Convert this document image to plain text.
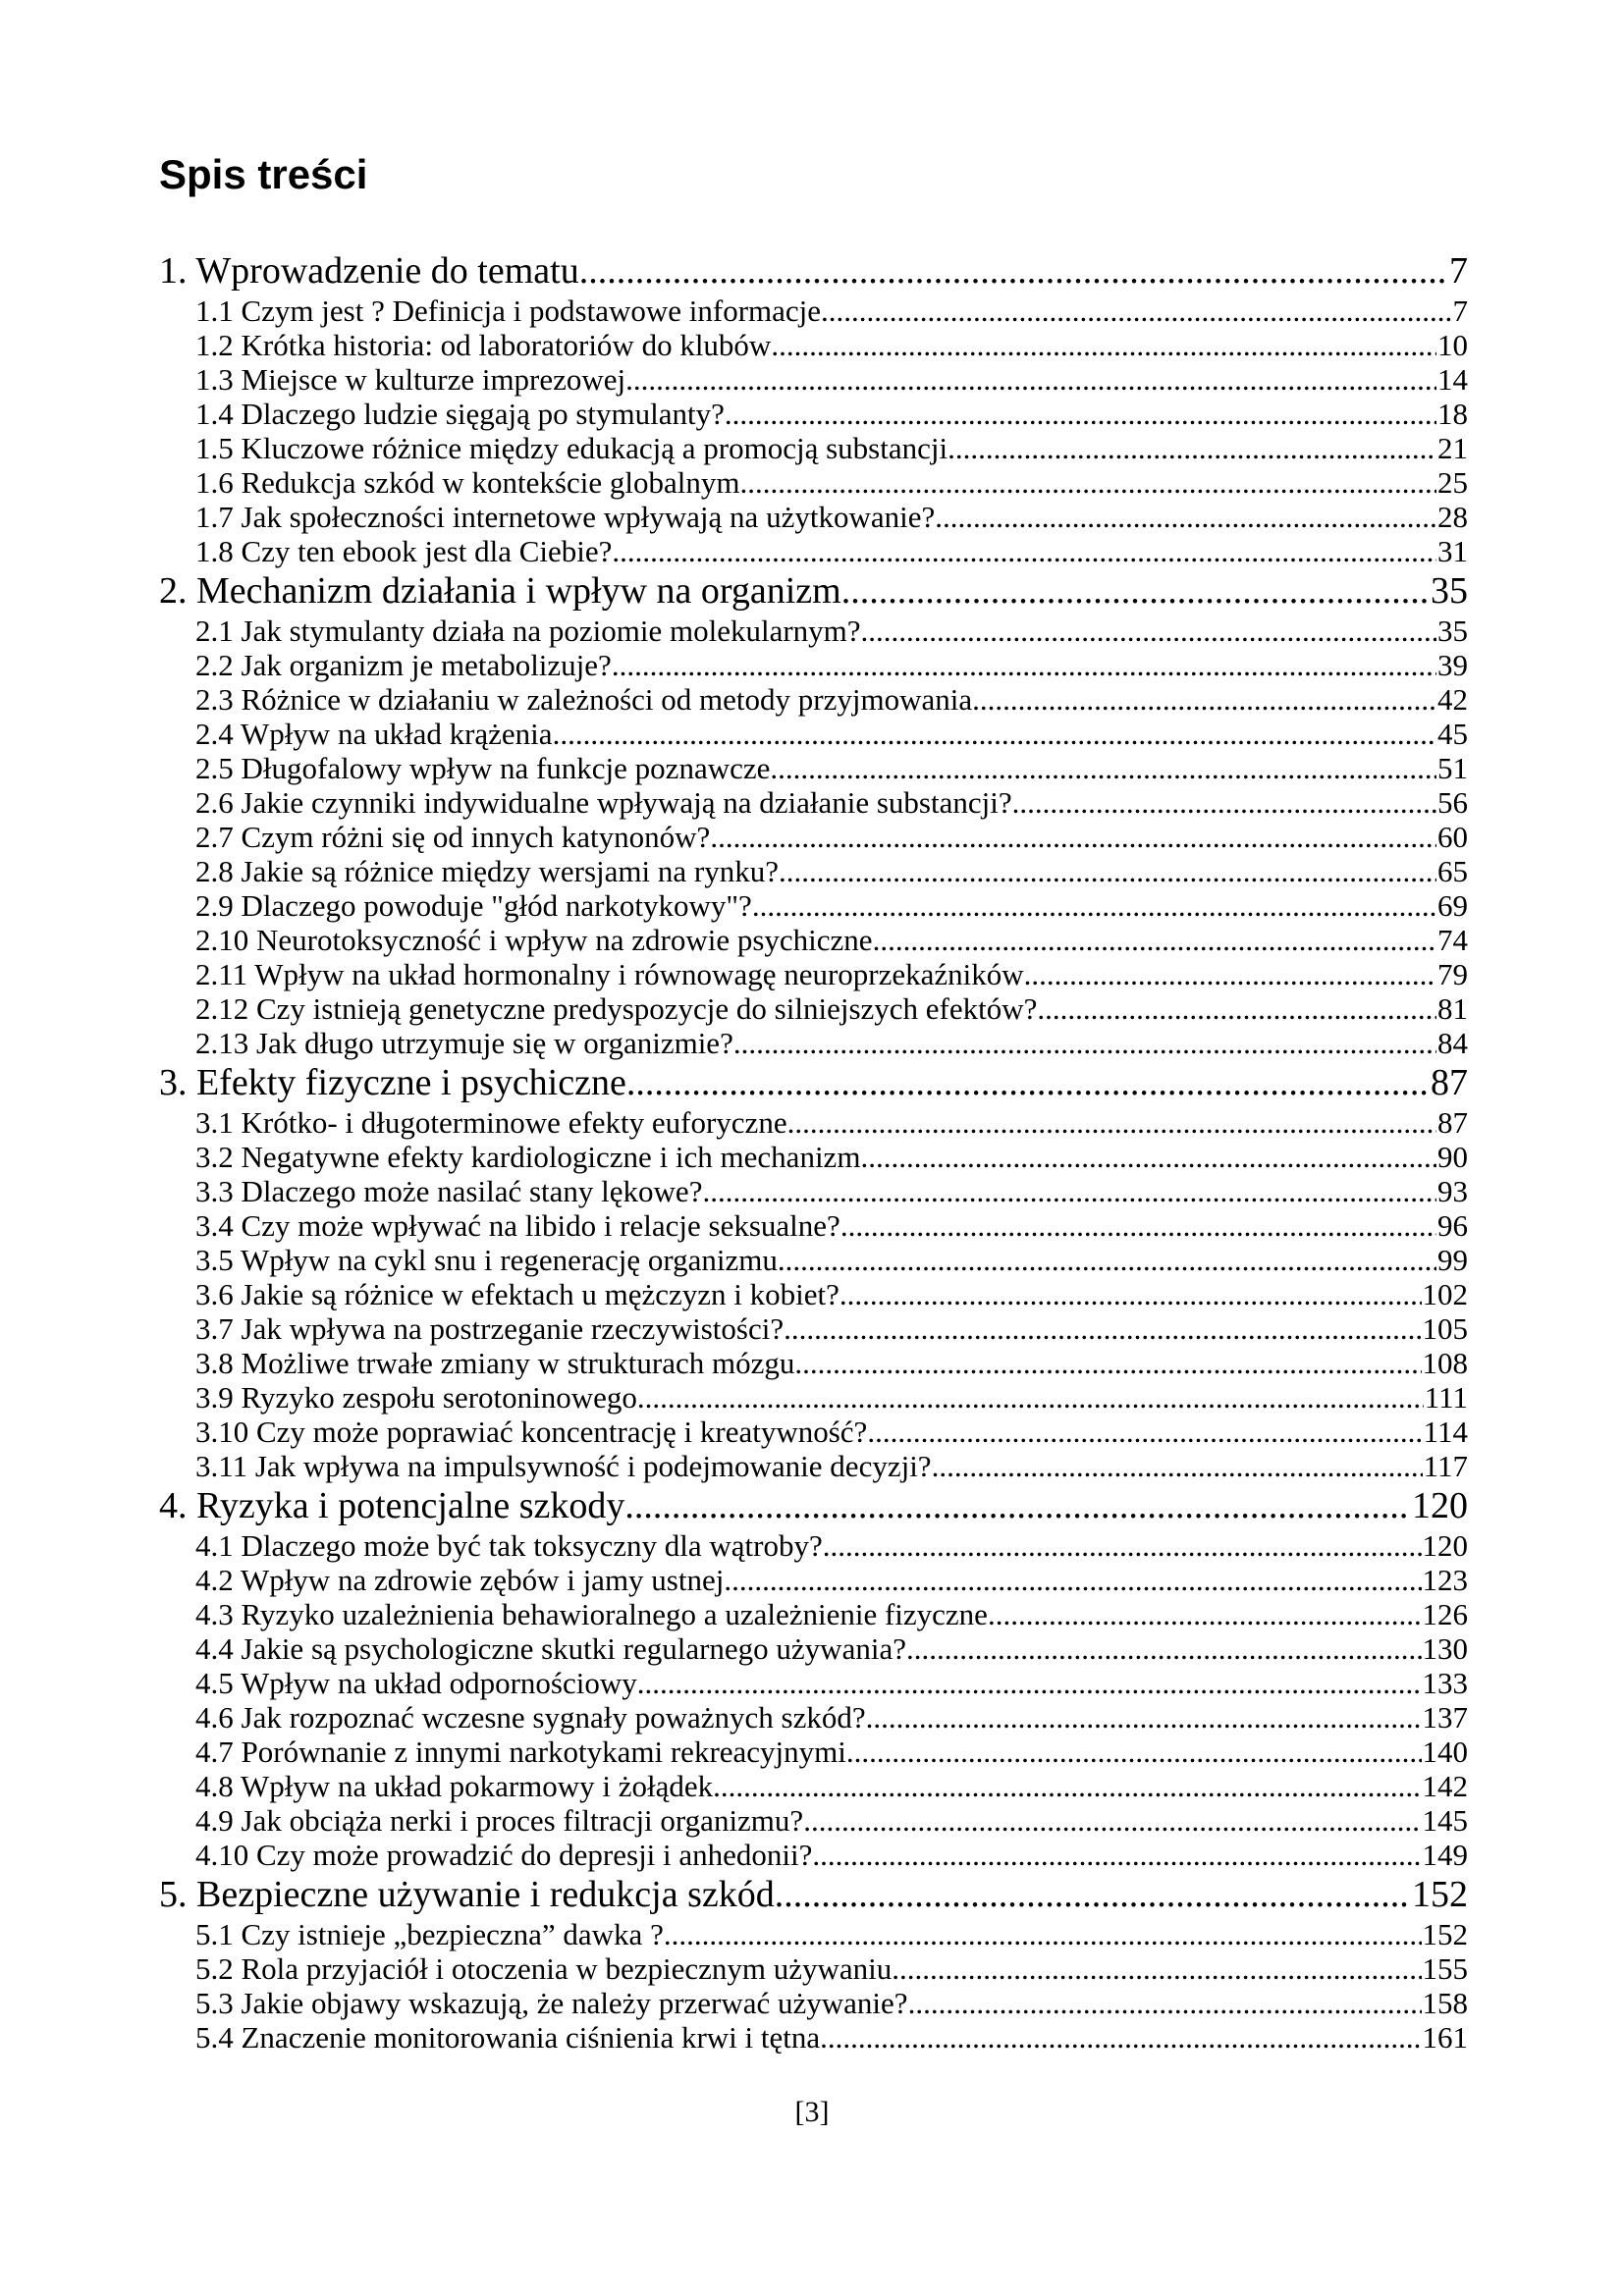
Spis treści
1. Wprowadzenie do tematu .....	7
1.1 Czym jest ? Definicja i podstawowe informacje .....	7
1.2 Krótka historia: od laboratoriów do klubów .....	10
1.3 Miejsce w kulturze imprezowej .....	14
1.4 Dlaczego ludzie sięgają po stymulanty? .....	18
1.5 Kluczowe różnice między edukacją a promocją substancji .....	21
1.6 Redukcja szkód w kontekście globalnym .....	25
1.7 Jak społeczności internetowe wpływają na użytkowanie? .....	28
1.8 Czy ten ebook jest dla Ciebie? .....	31
2. Mechanizm działania i wpływ na organizm .....	35
2.1 Jak stymulanty działa na poziomie molekularnym? .....	35
2.2 Jak organizm je metabolizuje? .....	39
2.3 Różnice w działaniu w zależności od metody przyjmowania .....	42
2.4 Wpływ na układ krążenia .....	45
2.5 Długofalowy wpływ na funkcje poznawcze .....	51
2.6 Jakie czynniki indywidualne wpływają na działanie substancji? .....	56
2.7 Czym różni się od innych katynonów? .....	60
2.8 Jakie są różnice między wersjami na rynku? .....	65
2.9 Dlaczego powoduje "głód narkotykowy"? .....	69
2.10 Neurotoksyczność i wpływ na zdrowie psychiczne .....	74
2.11 Wpływ na układ hormonalny i równowagę neuroprzekaźników .....	79
2.12 Czy istnieją genetyczne predyspozycje do silniejszych efektów? .....	81
2.13 Jak długo utrzymuje się w organizmie? .....	84
3. Efekty fizyczne i psychiczne .....	87
3.1 Krótko- i długoterminowe efekty euforyczne .....	87
3.2 Negatywne efekty kardiologiczne i ich mechanizm .....	90
3.3 Dlaczego może nasilać stany lękowe? .....	93
3.4 Czy może wpływać na libido i relacje seksualne? .....	96
3.5 Wpływ na cykl snu i regenerację organizmu .....	99
3.6 Jakie są różnice w efektach u mężczyzn i kobiet? .....	102
3.7 Jak wpływa na postrzeganie rzeczywistości? .....	105
3.8 Możliwe trwałe zmiany w strukturach mózgu .....	108
3.9 Ryzyko zespołu serotoninowego .....	111
3.10 Czy może poprawiać koncentrację i kreatywność? .....	114
3.11 Jak wpływa na impulsywność i podejmowanie decyzji? .....	117
4. Ryzyka i potencjalne szkody .....	120
4.1 Dlaczego może być tak toksyczny dla wątroby? .....	120
4.2 Wpływ na zdrowie zębów i jamy ustnej .....	123
4.3 Ryzyko uzależnienia behawioralnego a uzależnienie fizyczne .....	126
4.4 Jakie są psychologiczne skutki regularnego używania? .....	130
4.5 Wpływ na układ odpornościowy .....	133
4.6 Jak rozpoznać wczesne sygnały poważnych szkód? .....	137
4.7 Porównanie z innymi narkotykami rekreacyjnymi .....	140
4.8 Wpływ na układ pokarmowy i żołądek .....	142
4.9 Jak obciąża nerki i proces filtracji organizmu? .....	145
4.10 Czy może prowadzić do depresji i anhedonii? .....	149
5. Bezpieczne używanie i redukcja szkód .....	152
5.1 Czy istnieje „bezpieczna” dawka ? .....	152
5.2 Rola przyjaciół i otoczenia w bezpiecznym używaniu .....	155
5.3 Jakie objawy wskazują, że należy przerwać używanie? .....	158
5.4 Znaczenie monitorowania ciśnienia krwi i tętna .....	161
[3]
